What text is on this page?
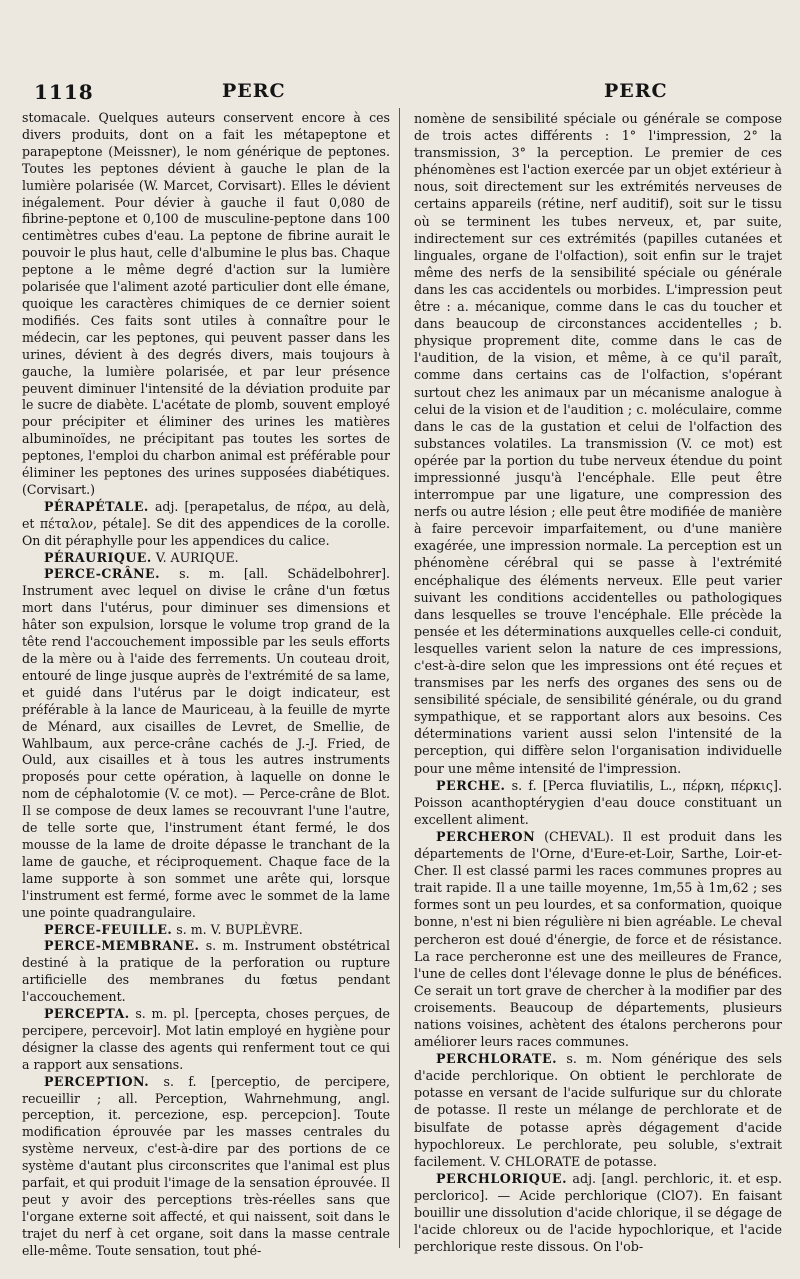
1118	PERC	PERC

stomacale. Quelques auteurs conservent encore à ces divers produits, dont on a fait les métapeptone et parapeptone (Meissner), le nom générique de peptones. Toutes les peptones dévient à gauche le plan de la lumière polarisée (W. Marcet, Corvisart). Elles le dévient inégalement. Pour dévier à gauche il faut 0,080 de fibrine-peptone et 0,100 de musculine-peptone dans 100 centimètres cubes d'eau. La peptone de fibrine aurait le pouvoir le plus haut, celle d'albumine le plus bas. Chaque peptone a le même degré d'action sur la lumière polarisée que l'aliment azoté particulier dont elle émane, quoique les caractères chimiques de ce dernier soient modifiés. Ces faits sont utiles à connaître pour le médecin, car les peptones, qui peuvent passer dans les urines, dévient à des degrés divers, mais toujours à gauche, la lumière polarisée, et par leur présence peuvent diminuer l'intensité de la déviation produite par le sucre de diabète. L'acétate de plomb, souvent employé pour précipiter et éliminer des urines les matières albuminoïdes, ne précipitant pas toutes les sortes de peptones, l'emploi du charbon animal est préférable pour éliminer les peptones des urines supposées diabétiques. (Corvisart.)

PÉRAPÉTALE. adj. [perapetalus, de πέρα, au delà, et πέταλον, pétale]. Se dit des appendices de la corolle. On dit péraphylle pour les appendices du calice.

PÉRAURIQUE. V. AURIQUE.

PERCE-CRÂNE. s. m. [all. Schädelbohrer]. Instrument avec lequel on divise le crâne d'un fœtus mort dans l'utérus, pour diminuer ses dimensions et hâter son expulsion, lorsque le volume trop grand de la tête rend l'accouchement impossible par les seuls efforts de la mère ou à l'aide des ferrements. Un couteau droit, entouré de linge jusque auprès de l'extrémité de sa lame, et guidé dans l'utérus par le doigt indicateur, est préférable à la lance de Mauriceau, à la feuille de myrte de Ménard, aux cisailles de Levret, de Smellie, de Wahlbaum, aux perce-crâne cachés de J.-J. Fried, de Ould, aux cisailles et à tous les autres instruments proposés pour cette opération, à laquelle on donne le nom de céphalotomie (V. ce mot). — Perce-crâne de Blot. Il se compose de deux lames se recouvrant l'une l'autre, de telle sorte que, l'instrument étant fermé, le dos mousse de la lame de droite dépasse le tranchant de la lame de gauche, et réciproquement. Chaque face de la lame supporte à son sommet une arête qui, lorsque l'instrument est fermé, forme avec le sommet de la lame une pointe quadrangulaire.

PERCE-FEUILLE. s. m. V. BUPLÈVRE.

PERCE-MEMBRANE. s. m. Instrument obstétrical destiné à la pratique de la perforation ou rupture artificielle des membranes du fœtus pendant l'accouchement.

PERCEPTA. s. m. pl. [percepta, choses perçues, de percipere, percevoir]. Mot latin employé en hygiène pour désigner la classe des agents qui renferment tout ce qui a rapport aux sensations.

PERCEPTION. s. f. [perceptio, de percipere, recueillir ; all. Perception, Wahrnehmung, angl. perception, it. percezione, esp. percepcion]. Toute modification éprouvée par les masses centrales du système nerveux, c'est-à-dire par des portions de ce système d'autant plus circonscrites que l'animal est plus parfait, et qui produit l'image de la sensation éprouvée. Il peut y avoir des perceptions très-réelles sans que l'organe externe soit affecté, et qui naissent, soit dans le trajet du nerf à cet organe, soit dans la masse centrale elle-même. Toute sensation, tout phé-

nomène de sensibilité spéciale ou générale se compose de trois actes différents : 1° l'impression, 2° la transmission, 3° la perception. Le premier de ces phénomènes est l'action exercée par un objet extérieur à nous, soit directement sur les extrémités nerveuses de certains appareils (rétine, nerf auditif), soit sur le tissu où se terminent les tubes nerveux, et, par suite, indirectement sur ces extrémités (papilles cutanées et linguales, organe de l'olfaction), soit enfin sur le trajet même des nerfs de la sensibilité spéciale ou générale dans les cas accidentels ou morbides. L'impression peut être : a. mécanique, comme dans le cas du toucher et dans beaucoup de circonstances accidentelles ; b. physique proprement dite, comme dans le cas de l'audition, de la vision, et même, à ce qu'il paraît, comme dans certains cas de l'olfaction, s'opérant surtout chez les animaux par un mécanisme analogue à celui de la vision et de l'audition ; c. moléculaire, comme dans le cas de la gustation et celui de l'olfaction des substances volatiles. La transmission (V. ce mot) est opérée par la portion du tube nerveux étendue du point impressionné jusqu'à l'encéphale. Elle peut être interrompue par une ligature, une compression des nerfs ou autre lésion ; elle peut être modifiée de manière à faire percevoir imparfaitement, ou d'une manière exagérée, une impression normale. La perception est un phénomène cérébral qui se passe à l'extrémité encéphalique des éléments nerveux. Elle peut varier suivant les conditions accidentelles ou pathologiques dans lesquelles se trouve l'encéphale. Elle précède la pensée et les déterminations auxquelles celle-ci conduit, lesquelles varient selon la nature de ces impressions, c'est-à-dire selon que les impressions ont été reçues et transmises par les nerfs des organes des sens ou de sensibilité spéciale, de sensibilité générale, ou du grand sympathique, et se rapportant alors aux besoins. Ces déterminations varient aussi selon l'intensité de la perception, qui diffère selon l'organisation individuelle pour une même intensité de l'impression.

PERCHE. s. f. [Perca fluviatilis, L., πέρκη, πέρκις]. Poisson acanthoptérygien d'eau douce constituant un excellent aliment.

PERCHERON (CHEVAL). Il est produit dans les départements de l'Orne, d'Eure-et-Loir, Sarthe, Loir-et-Cher. Il est classé parmi les races communes propres au trait rapide. Il a une taille moyenne, 1m,55 à 1m,62 ; ses formes sont un peu lourdes, et sa conformation, quoique bonne, n'est ni bien régulière ni bien agréable. Le cheval percheron est doué d'énergie, de force et de résistance. La race percheronne est une des meilleures de France, l'une de celles dont l'élevage donne le plus de bénéfices. Ce serait un tort grave de chercher à la modifier par des croisements. Beaucoup de départements, plusieurs nations voisines, achètent des étalons percherons pour améliorer leurs races communes.

PERCHLORATE. s. m. Nom générique des sels d'acide perchlorique. On obtient le perchlorate de potasse en versant de l'acide sulfurique sur du chlorate de potasse. Il reste un mélange de perchlorate et de bisulfate de potasse après dégagement d'acide hypochloreux. Le perchlorate, peu soluble, s'extrait facilement. V. CHLORATE de potasse.

PERCHLORIQUE. adj. [angl. perchloric, it. et esp. perclorico]. — Acide perchlorique (ClO7). En faisant bouillir une dissolution d'acide chlorique, il se dégage de l'acide chloreux ou de l'acide hypochlorique, et l'acide perchlorique reste dissous. On l'ob-
